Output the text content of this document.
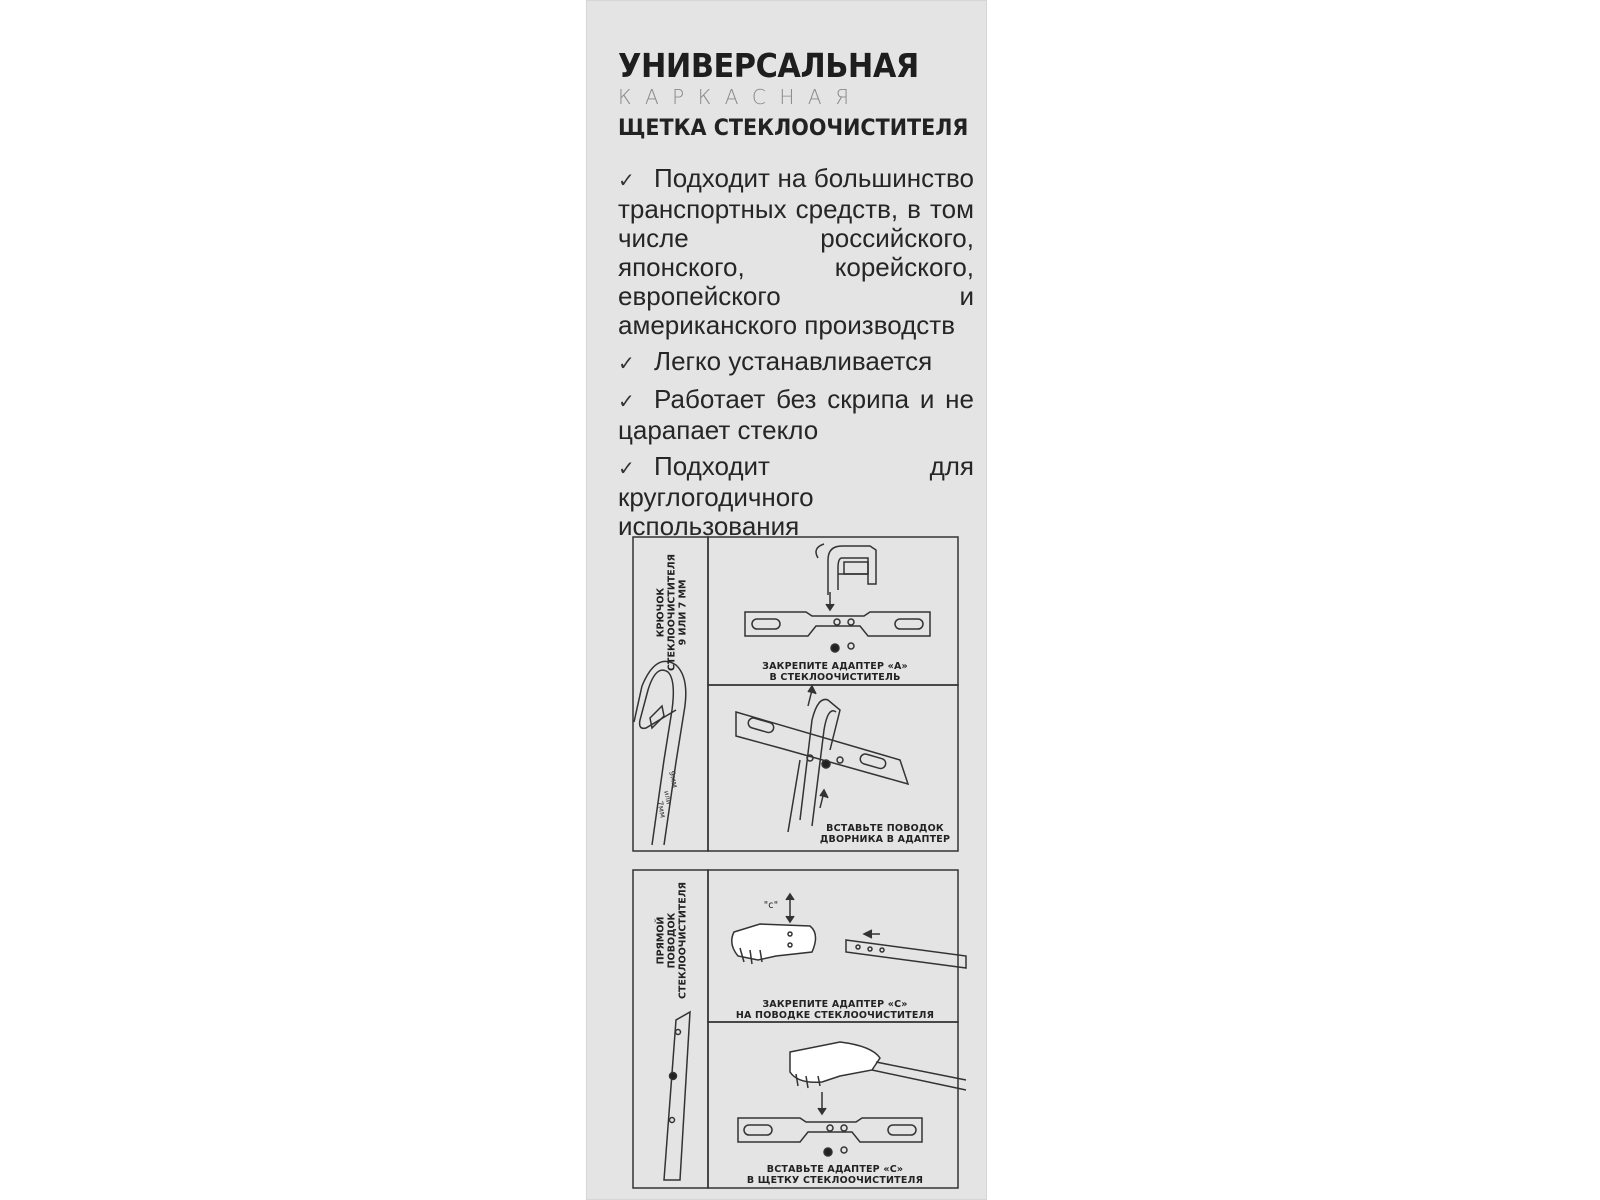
УНИВЕРСАЛЬНАЯ
КАРКАСНАЯ
ЩЕТКА СТЕКЛООЧИСТИТЕЛЯ
✓ Подходит на большинство транспортных средств, в том числе российского, японского, корейского, европейского и американского производств
✓ Легко устанавливается
✓ Работает без скрипа и не царапает стекло
✓ Подходит для круглогодичного использования
КРЮЧОК СТЕКЛООЧИСТИТЕЛЯ 9 ИЛИ 7 ММ
9мм
или
7мм
ЗАКРЕПИТЕ АДАПТЕР «А»
В СТЕКЛООЧИСТИТЕЛЬ
ВСТАВЬТЕ ПОВОДОК
ДВОРНИКА В АДАПТЕР
ПРЯМОЙ ПОВОДОК СТЕКЛООЧИСТИТЕЛЯ	"c"
ЗАКРЕПИТЕ АДАПТЕР «С»
НА ПОВОДКЕ СТЕКЛООЧИСТИТЕЛЯ
ВСТАВЬТЕ АДАПТЕР «С»
В ЩЕТКУ СТЕКЛООЧИСТИТЕЛЯ
